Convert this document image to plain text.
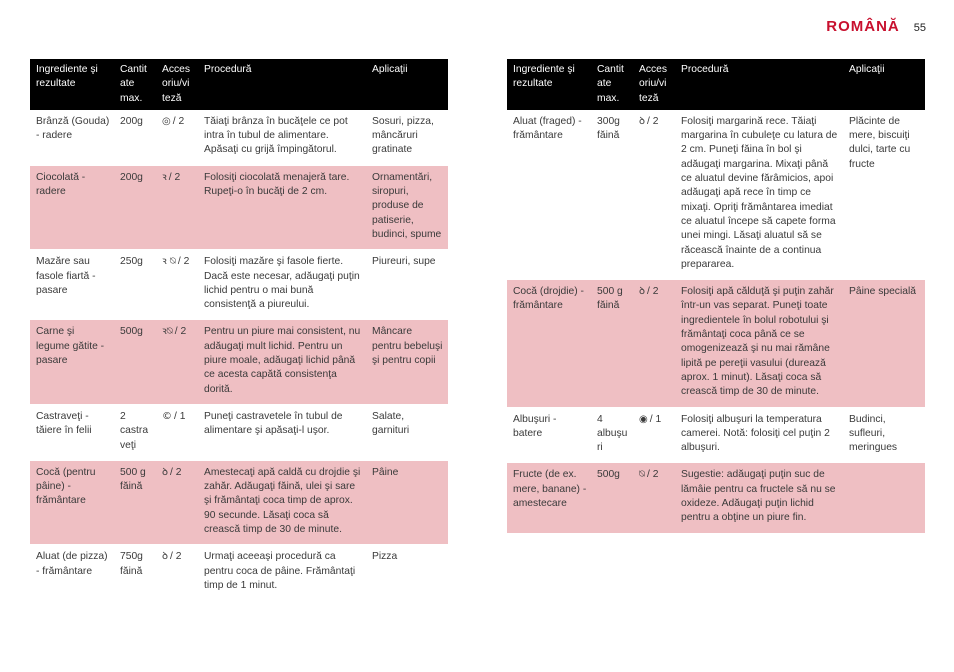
ROMÂNĂ 55
Ingrediente şi rezultate	Cantit ate max.	Acces oriu/vi teză	Procedură	Aplicaţii
Brânză (Gouda) - radere	200g	◎ / 2	Tăiaţi brânza în bucăţele ce pot intra în tubul de alimentare. Apăsaţi cu grijă împingătorul.	Sosuri, pizza, mâncăruri gratinate
Ciocolată - radere	200g	ꝛ / 2	Folosiţi ciocolată menajeră tare. Rupeţi-o în bucăţi de 2 cm.	Ornamentări, siropuri, produse de patiserie, budinci, spume
Mazăre sau fasole fiartă - pasare	250g	ꝛ ⍉ / 2	Folosiţi mazăre şi fasole fierte. Dacă este necesar, adăugaţi puţin lichid pentru o mai bună consistenţă a piureului.	Piureuri, supe
Carne şi legume gătite - pasare	500g	ꝛ⍉ / 2	Pentru un piure mai consistent, nu adăugaţi mult lichid. Pentru un piure moale, adăugaţi lichid până ce acesta capătă consistenţa dorită.	Mâncare pentru bebeluşi şi pentru copii
Castraveţi - tăiere în felii	2 castra veţi	© / 1	Puneţi castravetele în tubul de alimentare şi apăsaţi-l uşor.	Salate, garnituri
Cocă (pentru pâine) - frământare	500 g făină	ꝺ / 2	Amestecaţi apă caldă cu drojdie şi zahăr. Adăugaţi făină, ulei şi sare şi frământaţi coca timp de aprox. 90 secunde. Lăsaţi coca să crească timp de 30 de minute.	Pâine
Aluat (de pizza) - frământare	750g făină	ꝺ / 2	Urmaţi aceeaşi procedură ca pentru coca de pâine. Frământaţi timp de 1 minut.	Pizza
Ingrediente şi rezultate	Cantit ate max.	Acces oriu/vi teză	Procedură	Aplicaţii
Aluat (fraged) - frământare	300g făină	ꝺ / 2	Folosiţi margarină rece. Tăiaţi margarina în cubuleţe cu latura de 2 cm. Puneţi făina în bol şi adăugaţi margarina. Mixaţi până ce aluatul devine fărâmicios, apoi adăugaţi apă rece în timp ce mixaţi. Opriţi frământarea imediat ce aluatul începe să capete forma unei mingi. Lăsaţi aluatul să se răcească înainte de a continua prepararea.	Plăcinte de mere, biscuiţi dulci, tarte cu fructe
Cocă (drojdie) - frământare	500 g făină	ꝺ / 2	Folosiţi apă călduţă şi puţin zahăr într-un vas separat. Puneţi toate ingredientele în bolul robotului şi frământaţi coca până ce se omogenizează şi nu mai rămâne lipită pe pereţii vasului (durează aprox. 1 minut). Lăsaţi coca să crească timp de 30 de minute.	Pâine specială
Albuşuri - batere	4 albuşu ri	◉ / 1	Folosiţi albuşuri la temperatura camerei. Notă: folosiţi cel puţin 2 albuşuri.	Budinci, sufleuri, meringues
Fructe (de ex. mere, banane) - amestecare	500g	⍉ / 2	Sugestie: adăugaţi puţin suc de lămâie pentru ca fructele să nu se oxideze. Adăugaţi puţin lichid pentru a obţine un piure fin.	
